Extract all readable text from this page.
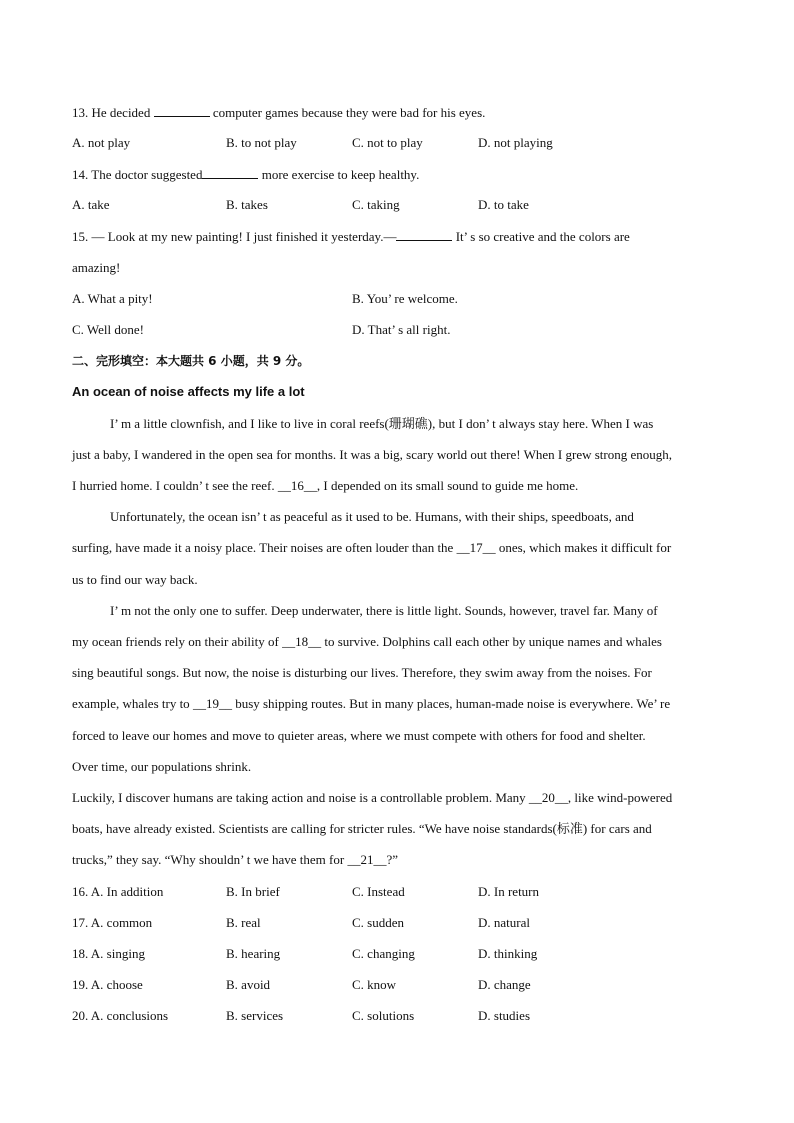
13. He decided	computer games because they were bad for his eyes.
A. not play	B. to not play	C. not to play	D. not playing
14. The doctor suggested	more exercise to keep healthy.
A. take	B. takes	C. taking	D. to take
15. — Look at my new painting! I just finished it yesterday.—	It’ s so creative and the colors are
amazing!
A. What a pity!	B. You’ re welcome.
C. Well done!	D. That’ s all right.
二、完形填空：本大题共 6 小题，共 9 分。
An ocean of noise affects my life a lot
I’ m a little clownfish, and I like to live in coral reefs(珊瑚礁), but I don’ t always stay here. When I was
just a baby, I wandered in the open sea for months. It was a big, scary world out there! When I grew strong enough,
I hurried home. I couldn’ t see the reef. __16__, I depended on its small sound to guide me home.
Unfortunately, the ocean isn’ t as peaceful as it used to be. Humans, with their ships, speedboats, and
surfing, have made it a noisy place. Their noises are often louder than the __17__ ones, which makes it difficult for
us to find our way back.
I’ m not the only one to suffer. Deep underwater, there is little light. Sounds, however, travel far. Many of
my ocean friends rely on their ability of __18__ to survive. Dolphins call each other by unique names and whales
sing beautiful songs. But now, the noise is disturbing our lives. Therefore, they swim away from the noises. For
example, whales try to __19__ busy shipping routes. But in many places, human-made noise is everywhere. We’ re
forced to leave our homes and move to quieter areas, where we must compete with others for food and shelter.
Over time, our populations shrink.
Luckily, I discover humans are taking action and noise is a controllable problem. Many __20__, like wind-powered
boats, have already existed. Scientists are calling for stricter rules. “We have noise standards(标准) for cars and
trucks,” they say. “Why shouldn’ t we have them for __21__?”
16. A. In addition	B. In brief	C. Instead	D. In return
17. A. common	B. real	C. sudden	D. natural
18. A. singing	B. hearing	C. changing	D. thinking
19. A. choose	B. avoid	C. know	D. change
20. A. conclusions	B. services	C. solutions	D. studies
